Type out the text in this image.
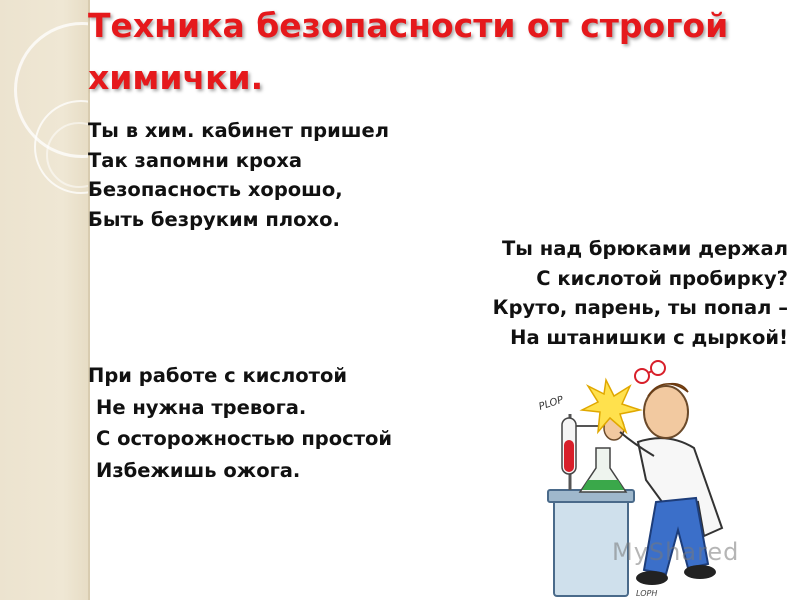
Техника безопасности от строгой химички.

Ты в хим. кабинет пришел
Так запомни кроха
Безопасность хорошо,
Быть безруким плохо.

Ты над брюками держал
С кислотой пробирку?
Круто, парень, ты попал –
На штанишки с дыркой!

При работе с кислотой
Не нужна тревога.
С осторожностью простой
Избежишь ожога.

PLOP
LOPH
MyShared
